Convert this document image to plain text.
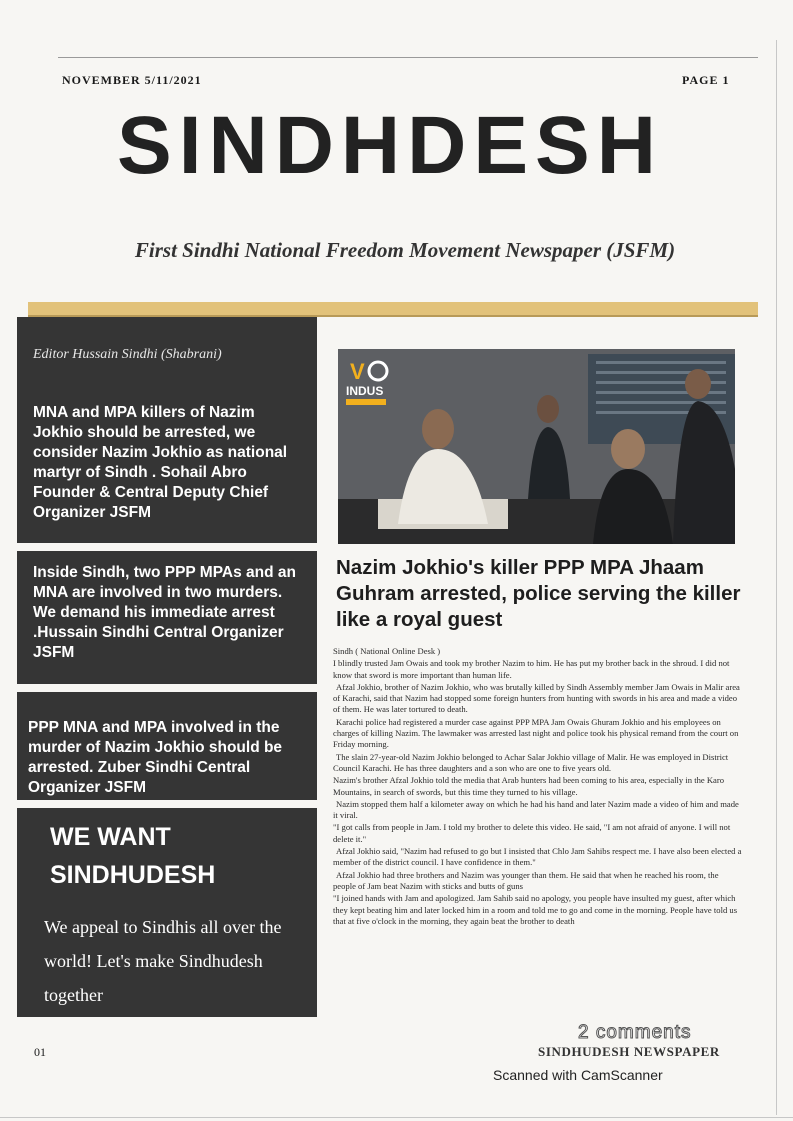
NOVEMBER 5/11/2021	PAGE 1
SINDHDESH
First Sindhi National Freedom Movement Newspaper (JSFM)
Editor Hussain Sindhi (Shabrani)
MNA and MPA killers of Nazim Jokhio should be arrested, we consider Nazim Jokhio as national martyr of Sindh . Sohail Abro Founder & Central Deputy Chief Organizer JSFM
Inside Sindh, two PPP MPAs and an MNA are involved in two murders. We demand his immediate arrest .Hussain Sindhi Central Organizer JSFM
PPP MNA and MPA involved in the murder of Nazim Jokhio should be arrested. Zuber Sindhi Central Organizer JSFM
WE WANT
SINDHUDESH
We appeal to Sindhis all over the world! Let's make Sindhudesh together
V
INDUS
Nazim Jokhio's killer PPP MPA Jhaam Guhram arrested, police serving the killer like a royal guest

Sindh ( National Online Desk )

I blindly trusted Jam Owais and took my brother Nazim to him. He has put my brother back in the shroud. I did not know that sword is more important than human life.

Afzal Jokhio, brother of Nazim Jokhio, who was brutally killed by Sindh Assembly member Jam Owais in Malir area of Karachi, said that Nazim had stopped some foreign hunters from hunting with swords in his area and made a video of them. He was later tortured to death.

Karachi police had registered a murder case against PPP MPA Jam Owais Ghuram Jokhio and his employees on charges of killing Nazim. The lawmaker was arrested last night and police took his physical remand from the court on Friday morning.

The slain 27-year-old Nazim Jokhio belonged to Achar Salar Jokhio village of Malir. He was employed in District Council Karachi. He has three daughters and a son who are one to five years old.

Nazim's brother Afzal Jokhio told the media that Arab hunters had been coming to his area, especially in the Karo Mountains, in search of swords, but this time they turned to his village.

Nazim stopped them half a kilometer away on which he had his hand and later Nazim made a video of him and made it viral.

"I got calls from people in Jam. I told my brother to delete this video. He said, "I am not afraid of anyone. I will not delete it."

Afzal Jokhio said, "Nazim had refused to go but I insisted that Chlo Jam Sahibs respect me. I have also been elected a member of the district council. I have confidence in them."

Afzal Jokhio had three brothers and Nazim was younger than them. He said that when he reached his room, the people of Jam beat Nazim with sticks and butts of guns

"I joined hands with Jam and apologized. Jam Sahib said no apology, you people have insulted my guest, after which they kept beating him and later locked him in a room and told me to go and come in the morning. People have told us that at five o'clock in the morning, they again beat the brother to death

01
2 comments
SINDHUDESH NEWSPAPER
Scanned with CamScanner
